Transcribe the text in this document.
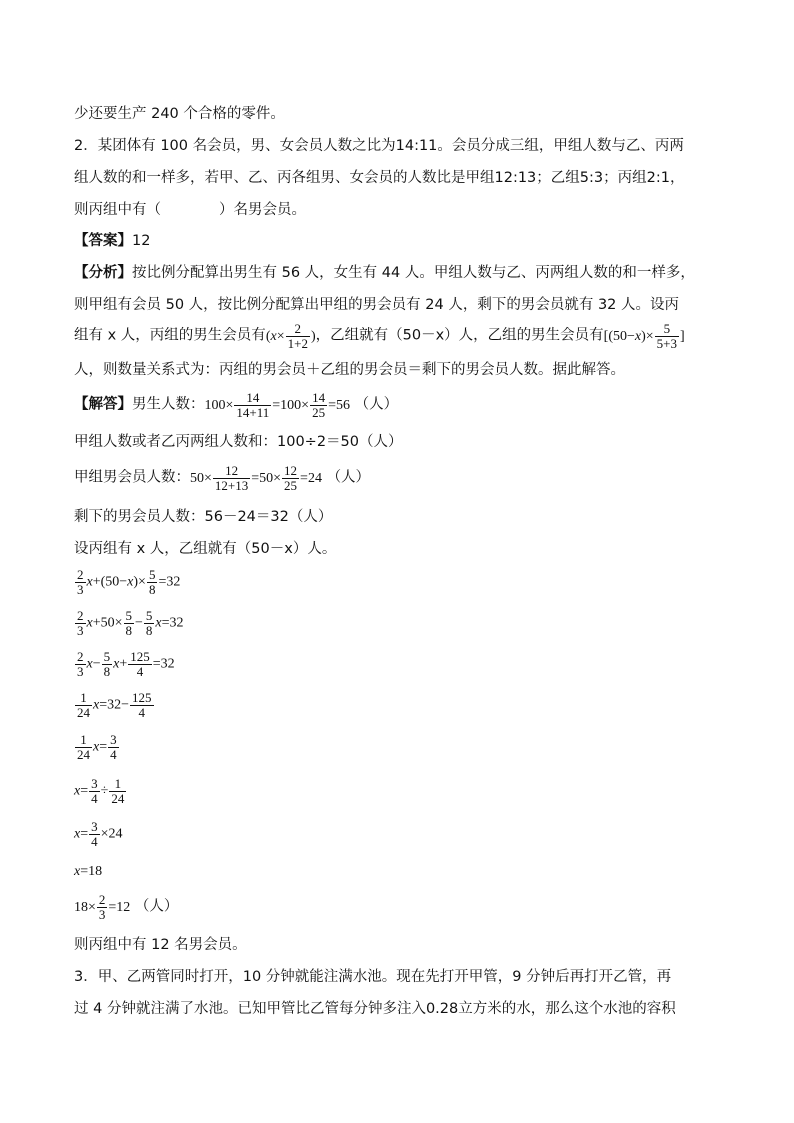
少还要生产 240 个合格的零件。
2．某团体有 100 名会员，男、女会员人数之比为14:11。会员分成三组，甲组人数与乙、丙两
组人数的和一样多，若甲、乙、丙各组男、女会员的人数比是甲组12:13；乙组5:3；丙组2:1，
则丙组中有（	）名男会员。
【答案】12
【分析】按比例分配算出男生有 56 人，女生有 44 人。甲组人数与乙、丙两组人数的和一样多，
则甲组有会员 50 人，按比例分配算出甲组的男会员有 24 人，剩下的男会员就有 32 人。设丙
组有 x 人，丙组的男生会员有($x\times \frac{2}{1+2}$ )，乙组就有（50－x）人，乙组的男生会员有[$(50-x)\times \frac{5}{5+3}$ ]
人，则数量关系式为：丙组的男会员＋乙组的男会员＝剩下的男会员人数。据此解答。
【解答】男生人数：$100\times \frac{14}{14+11} =100\times \frac{14}{25} =56$ （人）
甲组人数或者乙丙两组人数和：100÷2＝50（人）
甲组男会员人数：$50\times \frac{12}{12+13} =50\times \frac{12}{25} =24$ （人）
剩下的男会员人数：56－24＝32（人）
设丙组有 x 人，乙组就有（50－x）人。
$\frac{2}{3} x+(50-x)\times \frac{5}{8} =32$
$\frac{2}{3} x+50\times \frac{5}{8} - \frac{5}{8} x=32$
$\frac{2}{3} x- \frac{5}{8} x+ \frac{125}{4} =32$
$\frac{1}{24} x=32- \frac{125}{4}$
$\frac{1}{24} x= \frac{3}{4}$
$x= \frac{3}{4} \div \frac{1}{24}$
$x= \frac{3}{4} \times 24$
x=18
$18\times \frac{2}{3} =12$ （人）
则丙组中有 12 名男会员。
3．甲、乙两管同时打开，10 分钟就能注满水池。现在先打开甲管，9 分钟后再打开乙管，再
过 4 分钟就注满了水池。已知甲管比乙管每分钟多注入0.28立方米的水，那么这个水池的容积
